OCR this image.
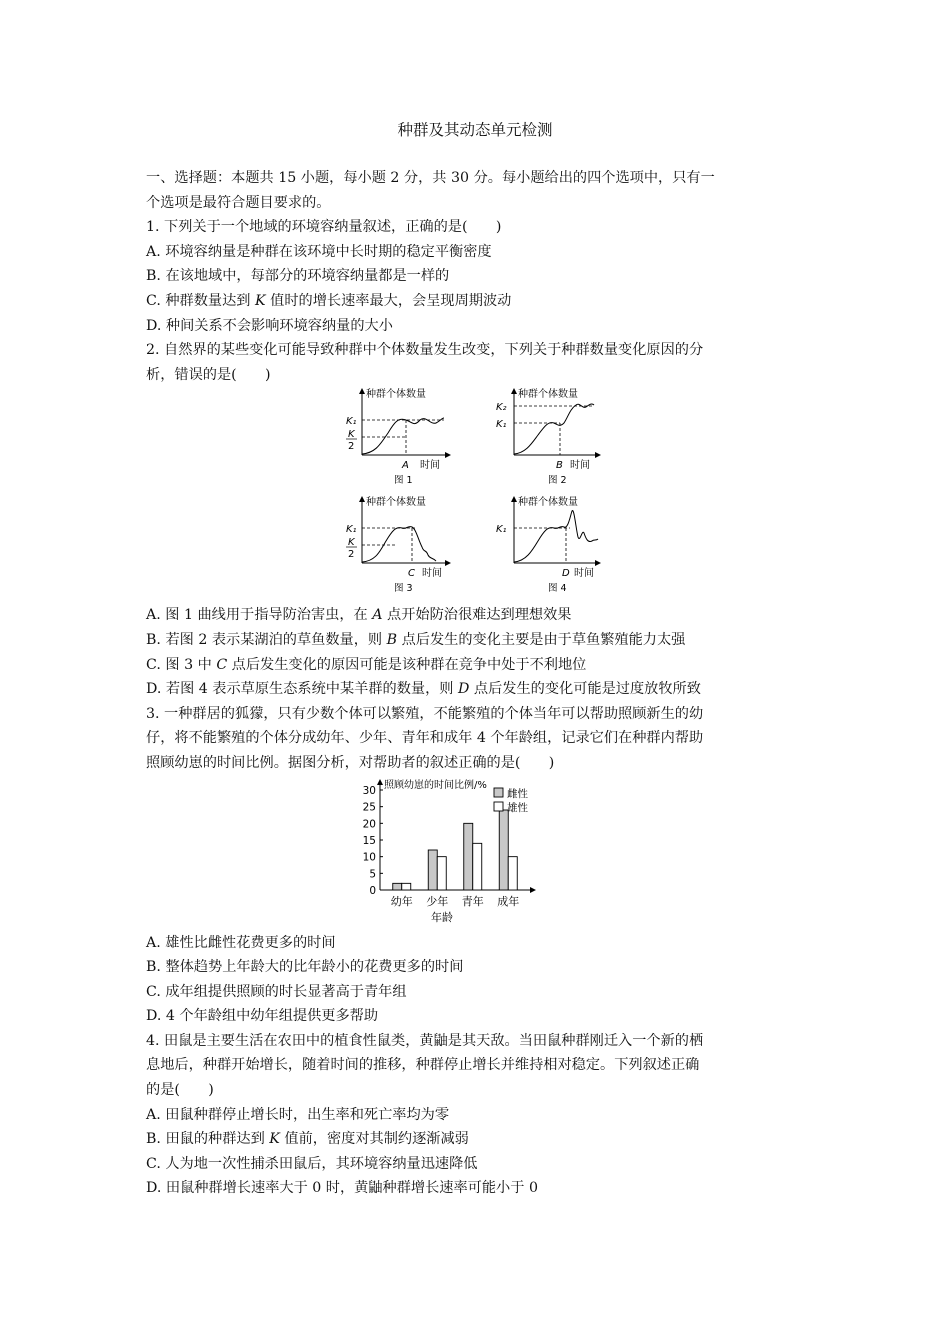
种群及其动态单元检测
一、选择题：本题共 15 小题，每小题 2 分，共 30 分。每小题给出的四个选项中，只有一
个选项是最符合题目要求的。
1. 下列关于一个地域的环境容纳量叙述，正确的是(　　)
A. 环境容纳量是种群在该环境中长时期的稳定平衡密度
B. 在该地域中，每部分的环境容纳量都是一样的
C. 种群数量达到 K 值时的增长速率最大，会呈现周期波动
D. 种间关系不会影响环境容纳量的大小
2. 自然界的某些变化可能导致种群中个体数量发生改变，下列关于种群数量变化原因的分
析，错误的是(　　)
种群个体数量
K₁
K
2
A 时间
图 1
种群个体数量
K₂
K₁
B 时间
图 2
种群个体数量
K₁
K
2
C 时间
图 3
种群个体数量
K₁
D 时间
图 4
A. 图 1 曲线用于指导防治害虫，在 A 点开始防治很难达到理想效果
B. 若图 2 表示某湖泊的草鱼数量，则 B 点后发生的变化主要是由于草鱼繁殖能力太强
C. 图 3 中 C 点后发生变化的原因可能是该种群在竞争中处于不利地位
D. 若图 4 表示草原生态系统中某羊群的数量，则 D 点后发生的变化可能是过度放牧所致
3. 一种群居的狐獴，只有少数个体可以繁殖，不能繁殖的个体当年可以帮助照顾新生的幼
仔，将不能繁殖的个体分成幼年、少年、青年和成年 4 个年龄组，记录它们在种群内帮助
照顾幼崽的时间比例。据图分析，对帮助者的叙述正确的是(　　)
0
5
10
15
20
25
30 照顾幼崽的时间比例/%
幼年 少年 青年 成年
年龄
雌性
雄性
A. 雄性比雌性花费更多的时间
B. 整体趋势上年龄大的比年龄小的花费更多的时间
C. 成年组提供照顾的时长显著高于青年组
D. 4 个年龄组中幼年组提供更多帮助
4. 田鼠是主要生活在农田中的植食性鼠类，黄鼬是其天敌。当田鼠种群刚迁入一个新的栖
息地后，种群开始增长，随着时间的推移，种群停止增长并维持相对稳定。下列叙述正确
的是(　　)
A. 田鼠种群停止增长时，出生率和死亡率均为零
B. 田鼠的种群达到 K 值前，密度对其制约逐渐减弱
C. 人为地一次性捕杀田鼠后，其环境容纳量迅速降低
D. 田鼠种群增长速率大于 0 时，黄鼬种群增长速率可能小于 0
